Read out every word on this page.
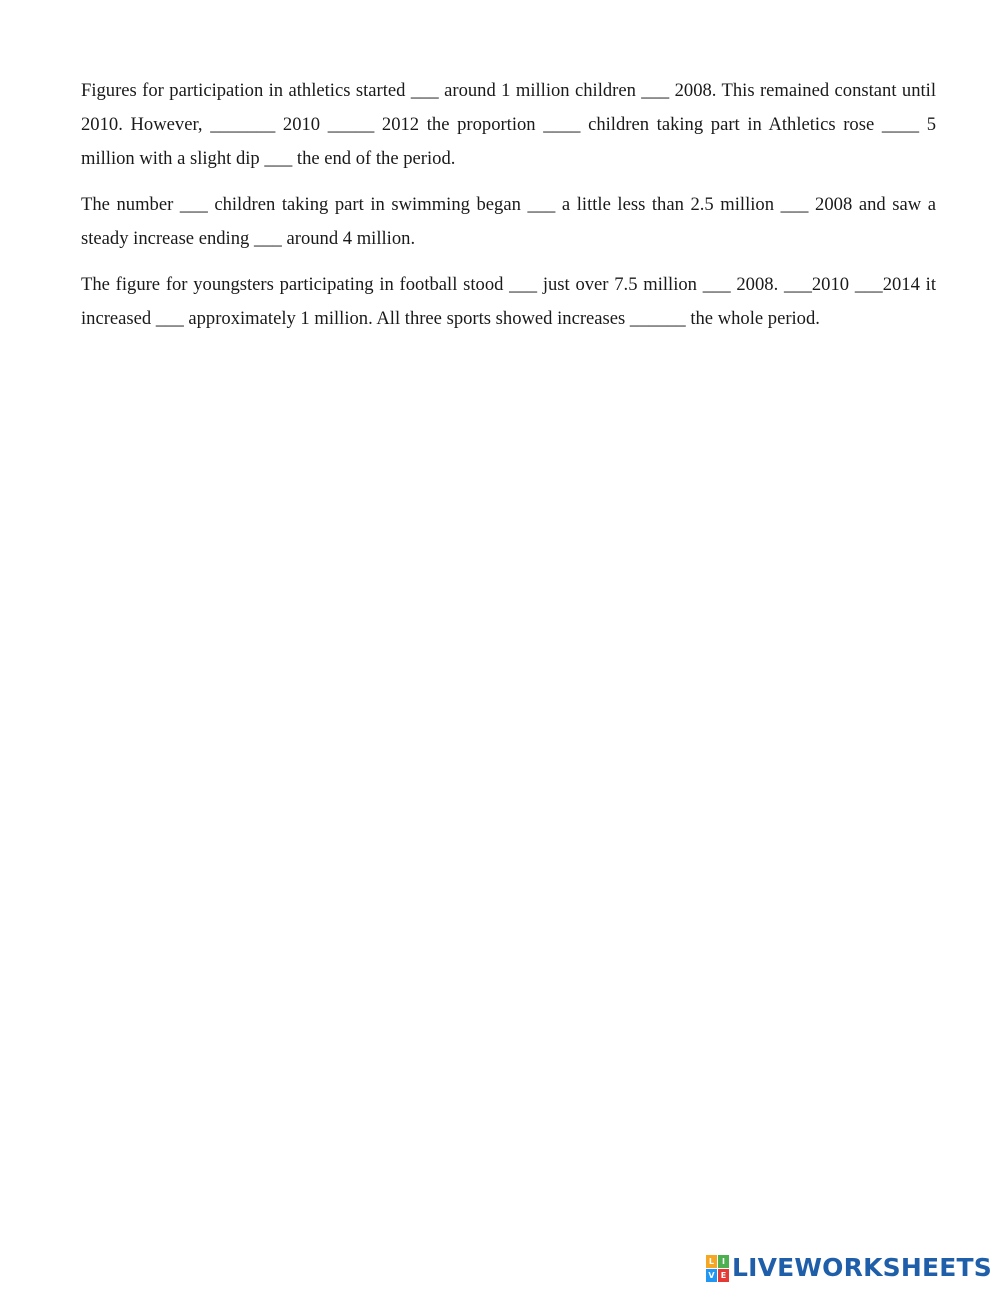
Figures for participation in athletics started ___ around 1 million children ___ 2008. This remained constant until 2010. However, _______ 2010 _____ 2012 the proportion ____ children taking part in Athletics rose ____ 5 million with a slight dip ___ the end of the period.

The number ___ children taking part in swimming began ___ a little less than 2.5 million ___ 2008 and saw a steady increase ending ___ around 4 million.

The figure for youngsters participating in football stood ___ just over 7.5 million ___ 2008. ___2010 ___2014 it increased ___ approximately 1 million. All three sports showed increases ______ the whole period.

L I
V E LIVEWORKSHEETS
